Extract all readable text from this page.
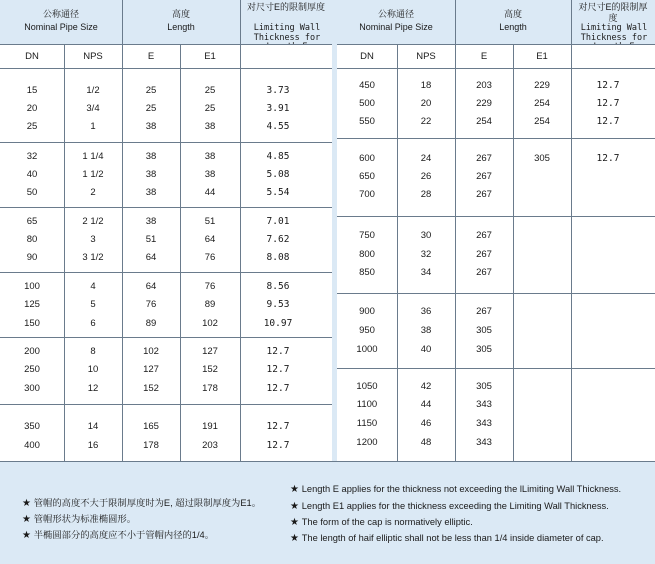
公称通径
Nominal Pipe Size
高度
Length
对尺寸E的限制厚度
Limiting Wall Thickness for
DN	NPS	E	E1
15	1/2	25	25	3.73
20	3/4	25	25	3.91
25	1	38	38	4.55
32	1 1/4	38	38	4.85
40	1 1/2	38	38	5.08
50	2	38	44	5.54
65	2 1/2	38	51	7.01
80	3	51	64	7.62
90	3 1/2	64	76	8.08
100	4	64	76	8.56
125	5	76	89	9.53
150	6	89	102	10.97
200	8	102	127	12.7
250	10	127	152	12.7
300	12	152	178	12.7
350	14	165	191	12.7
400	16	178	203	12.7
公称通径
Nominal Pipe Size
高度
Length
对尺寸E的限制厚度
Limiting Wall Thickness for
DN	NPS	E	E1
450	18	203	229	12.7
500	20	229	254	12.7
550	22	254	254	12.7
600	24	267	305	12.7
650	26	267
700	28	267
750	30	267
800	32	267
850	34	267
900	36	267
950	38	305
1000	40	305
1050	42	305
1100	44	343
1150	46	343
1200	48	343
★ 管帽的高度不大于限制厚度时为E, 超过限制厚度为E1。
★ 管帽形状为标准椭圆形。
★ 半椭圆部分的高度应不小于管帽内径的1/4。
★ Length E applies for the thickness not exceeding the lLimiting Wall Thickness.
★ Length E1 applies for the thickness exceeding the Limiting Wall Thickness.
★ The form of the cap is normatively elliptic.
★ The length of haif elliptic shall not be less than 1/4 inside diameter of cap.
